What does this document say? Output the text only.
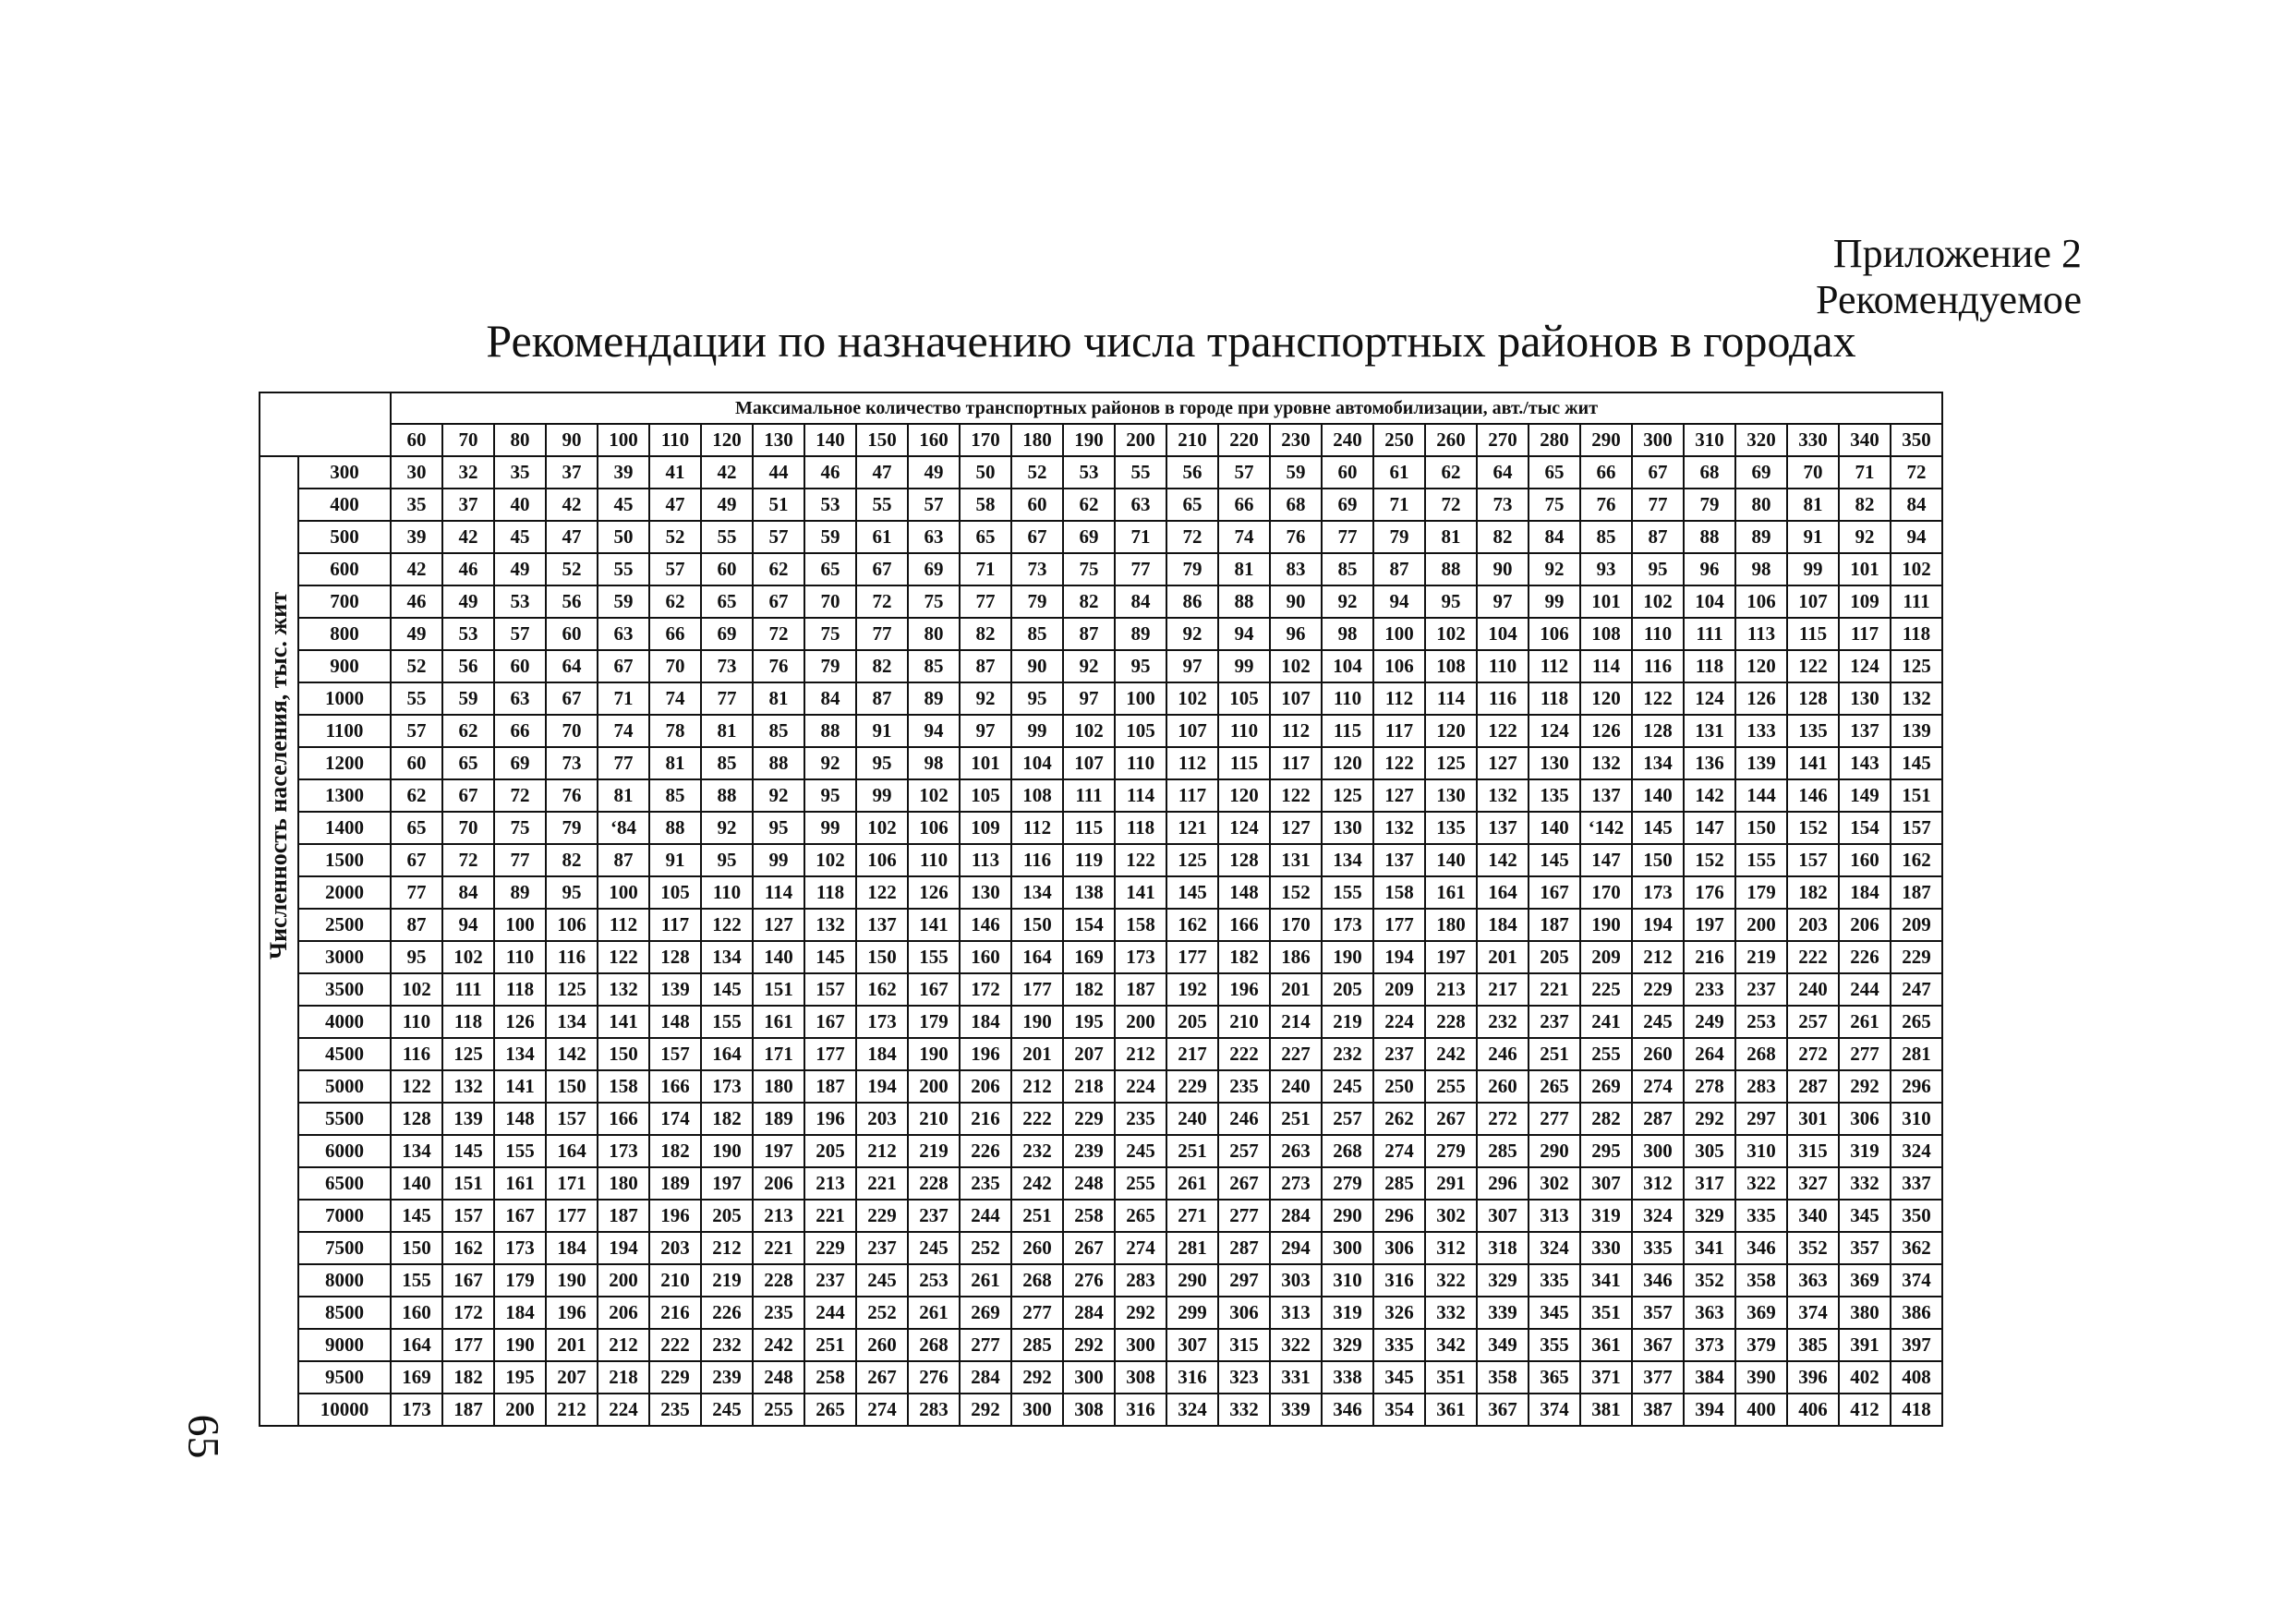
Приложение 2
Рекомендуемое
Рекомендации по назначению числа транспортных районов в городах
		Максимальное количество транспортных районов в городе при уровне автомобилизации, авт./тыс жит																													
		60	70	80	90	100	110	120	130	140	150	160	170	180	190	200	210	220	230	240	250	260	270	280	290	300	310	320	330	340	350

Численность населения, тыс. жит	300	30	32	35	37	39	41	42	44	46	47	49	50	52	53	55	56	57	59	60	61	62	64	65	66	67	68	69	70	71	72
	400	35	37	40	42	45	47	49	51	53	55	57	58	60	62	63	65	66	68	69	71	72	73	75	76	77	79	80	81	82	84
	500	39	42	45	47	50	52	55	57	59	61	63	65	67	69	71	72	74	76	77	79	81	82	84	85	87	88	89	91	92	94
	600	42	46	49	52	55	57	60	62	65	67	69	71	73	75	77	79	81	83	85	87	88	90	92	93	95	96	98	99	101	102
	700	46	49	53	56	59	62	65	67	70	72	75	77	79	82	84	86	88	90	92	94	95	97	99	101	102	104	106	107	109	111
	800	49	53	57	60	63	66	69	72	75	77	80	82	85	87	89	92	94	96	98	100	102	104	106	108	110	111	113	115	117	118
	900	52	56	60	64	67	70	73	76	79	82	85	87	90	92	95	97	99	102	104	106	108	110	112	114	116	118	120	122	124	125
	1000	55	59	63	67	71	74	77	81	84	87	89	92	95	97	100	102	105	107	110	112	114	116	118	120	122	124	126	128	130	132
	1100	57	62	66	70	74	78	81	85	88	91	94	97	99	102	105	107	110	112	115	117	120	122	124	126	128	131	133	135	137	139
	1200	60	65	69	73	77	81	85	88	92	95	98	101	104	107	110	112	115	117	120	122	125	127	130	132	134	136	139	141	143	145
	1300	62	67	72	76	81	85	88	92	95	99	102	105	108	111	114	117	120	122	125	127	130	132	135	137	140	142	144	146	149	151
	1400	65	70	75	79	‘84	88	92	95	99	102	106	109	112	115	118	121	124	127	130	132	135	137	140	‘142	145	147	150	152	154	157
	1500	67	72	77	82	87	91	95	99	102	106	110	113	116	119	122	125	128	131	134	137	140	142	145	147	150	152	155	157	160	162
	2000	77	84	89	95	100	105	110	114	118	122	126	130	134	138	141	145	148	152	155	158	161	164	167	170	173	176	179	182	184	187
	2500	87	94	100	106	112	117	122	127	132	137	141	146	150	154	158	162	166	170	173	177	180	184	187	190	194	197	200	203	206	209
	3000	95	102	110	116	122	128	134	140	145	150	155	160	164	169	173	177	182	186	190	194	197	201	205	209	212	216	219	222	226	229
	3500	102	111	118	125	132	139	145	151	157	162	167	172	177	182	187	192	196	201	205	209	213	217	221	225	229	233	237	240	244	247
	4000	110	118	126	134	141	148	155	161	167	173	179	184	190	195	200	205	210	214	219	224	228	232	237	241	245	249	253	257	261	265
	4500	116	125	134	142	150	157	164	171	177	184	190	196	201	207	212	217	222	227	232	237	242	246	251	255	260	264	268	272	277	281
	5000	122	132	141	150	158	166	173	180	187	194	200	206	212	218	224	229	235	240	245	250	255	260	265	269	274	278	283	287	292	296
	5500	128	139	148	157	166	174	182	189	196	203	210	216	222	229	235	240	246	251	257	262	267	272	277	282	287	292	297	301	306	310
	6000	134	145	155	164	173	182	190	197	205	212	219	226	232	239	245	251	257	263	268	274	279	285	290	295	300	305	310	315	319	324
	6500	140	151	161	171	180	189	197	206	213	221	228	235	242	248	255	261	267	273	279	285	291	296	302	307	312	317	322	327	332	337
	7000	145	157	167	177	187	196	205	213	221	229	237	244	251	258	265	271	277	284	290	296	302	307	313	319	324	329	335	340	345	350
	7500	150	162	173	184	194	203	212	221	229	237	245	252	260	267	274	281	287	294	300	306	312	318	324	330	335	341	346	352	357	362
	8000	155	167	179	190	200	210	219	228	237	245	253	261	268	276	283	290	297	303	310	316	322	329	335	341	346	352	358	363	369	374
	8500	160	172	184	196	206	216	226	235	244	252	261	269	277	284	292	299	306	313	319	326	332	339	345	351	357	363	369	374	380	386
	9000	164	177	190	201	212	222	232	242	251	260	268	277	285	292	300	307	315	322	329	335	342	349	355	361	367	373	379	385	391	397
	9500	169	182	195	207	218	229	239	248	258	267	276	284	292	300	308	316	323	331	338	345	351	358	365	371	377	384	390	396	402	408
	10000	173	187	200	212	224	235	245	255	265	274	283	292	300	308	316	324	332	339	346	354	361	367	374	381	387	394	400	406	412	418
65
